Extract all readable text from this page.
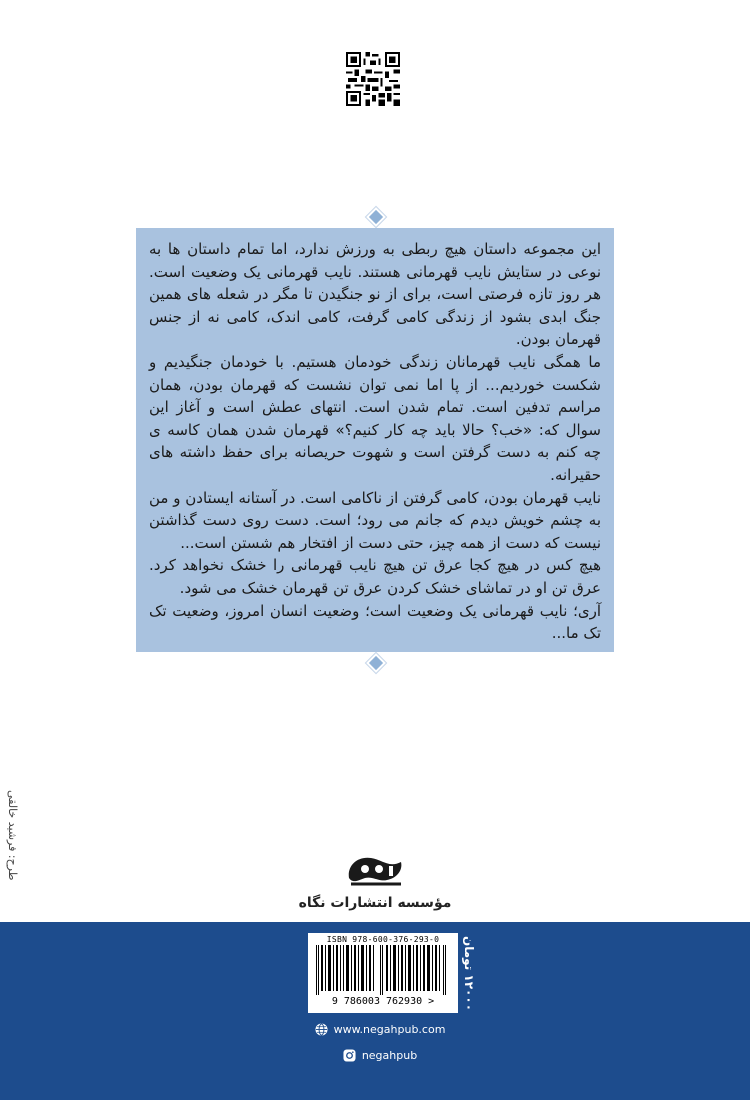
این مجموعه داستان هیچ ربطی به ورزش ندارد، اما تمام داستان ها به نوعی در ستایش نایب قهرمانی هستند. نایب قهرمانی یک وضعیت است. هر روز تازه فرصتی است، برای از نو جنگیدن تا مگر در شعله های همین جنگ ابدی بشود از زندگی کامی گرفت، کامی اندک، کامی نه از جنس قهرمان بودن.

ما همگی نایب قهرمانان زندگی خودمان هستیم. با خودمان جنگیدیم و شکست خوردیم... از پا اما نمی توان نشست که قهرمان بودن، همان مراسم تدفین است. تمام شدن است. انتهای عطش است و آغاز این سوال که: «خب؟ حالا باید چه کار کنیم؟» قهرمان شدن همان کاسه ی چه کنم به دست گرفتن است و شهوت حریصانه برای حفظ داشته های حقیرانه.

نایب قهرمان بودن، کامی گرفتن از ناکامی است. در آستانه ایستادن و من به چشم خویش دیدم که جانم می رود؛ است. دست روی دست گذاشتن نیست که دست از همه چیز، حتی دست از افتخار هم شستن است...

هیچ کس در هیچ کجا عرق تن هیچ نایب قهرمانی را خشک نخواهد کرد. عرق تن او در تماشای خشک کردن عرق تن قهرمان خشک می شود.

آری؛ نایب قهرمانی یک وضعیت است؛ وضعیت انسان امروز، وضعیت تک تک ما...

طرح: فرشید خالقی
مؤسسه انتشارات نگاه
ISBN 978-600-376-293-0
9 786003 762930 >
۱۲۰۰۰ تومان
www.negahpub.com
negahpub
